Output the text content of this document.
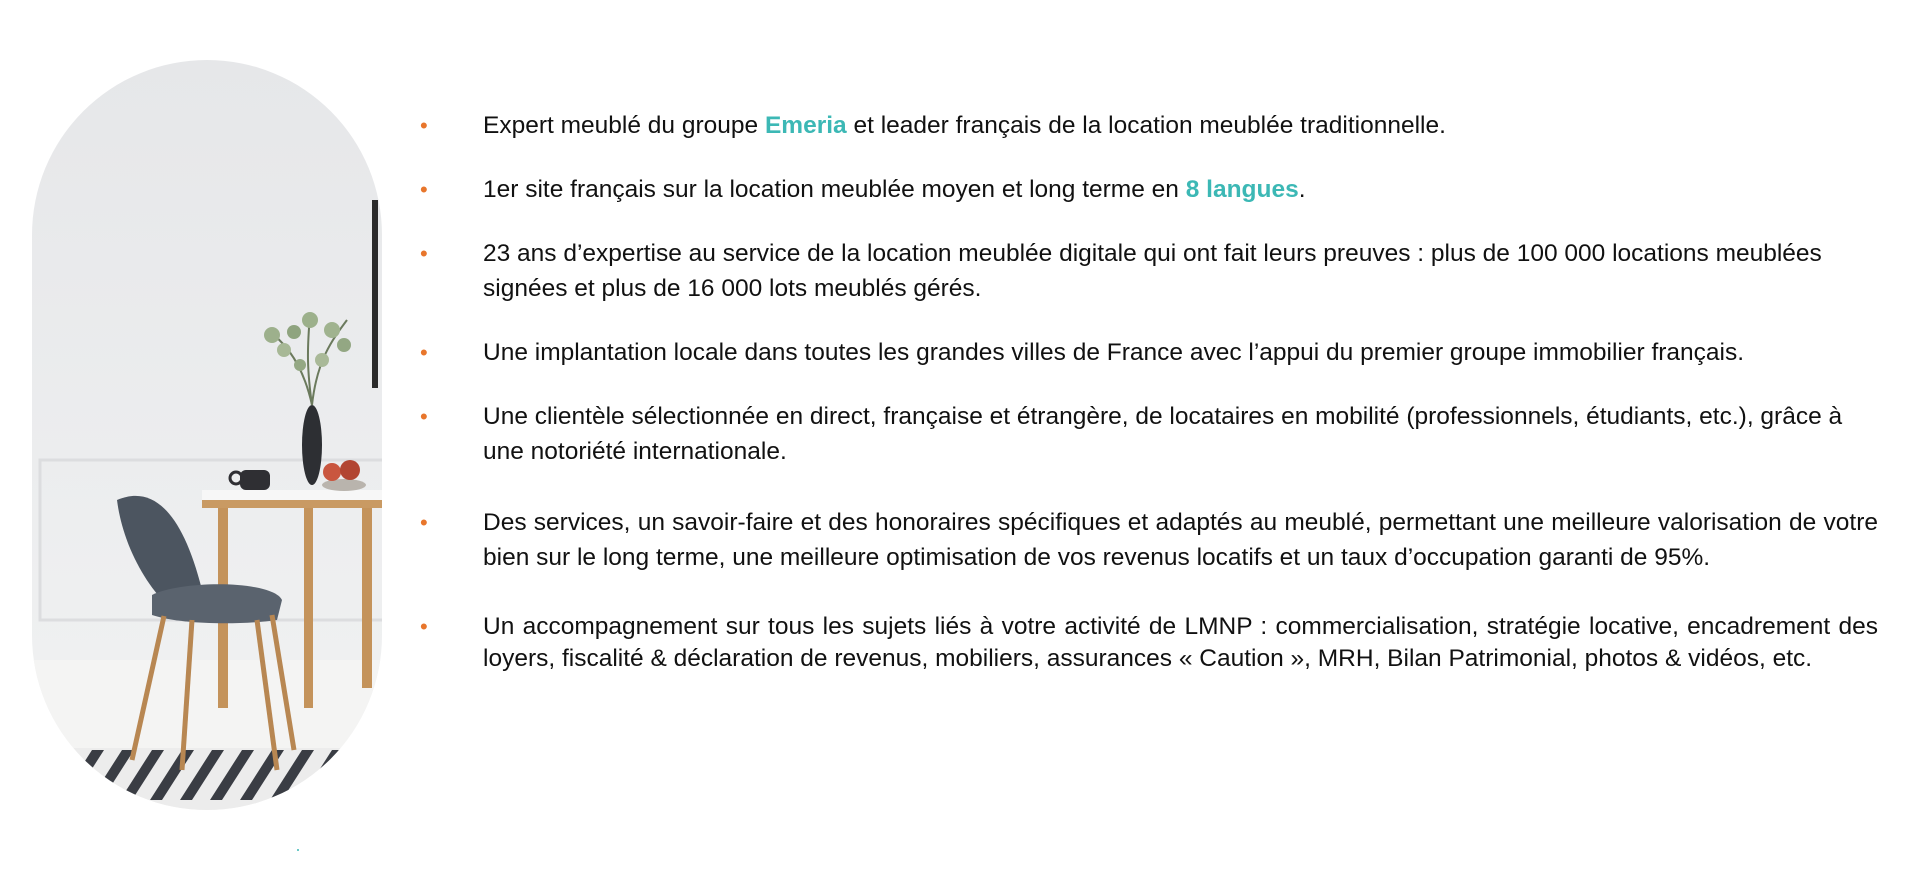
• Expert meublé du groupe Emeria et leader français de la location meublée traditionnelle.
• 1er site français sur la location meublée moyen et long terme en 8 langues.
• 23 ans d’expertise au service de la location meublée digitale qui ont fait leurs preuves : plus de 100 000 locations meublées signées et plus de 16 000 lots meublés gérés.
• Une implantation locale dans toutes les grandes villes de France avec l’appui du premier groupe immobilier français.
• Une clientèle sélectionnée en direct, française et étrangère, de locataires en mobilité (professionnels, étudiants, etc.), grâce à une notoriété internationale.
• Des services, un savoir-faire et des honoraires spécifiques et adaptés au meublé, permettant une meilleure valorisation de votre bien sur le long terme, une meilleure optimisation de vos revenus locatifs et un taux d’occupation garanti de 95%.
• Un accompagnement sur tous les sujets liés à votre activité de LMNP : commercialisation, stratégie locative, encadrement des loyers, fiscalité & déclaration de revenus, mobiliers, assurances « Caution », MRH, Bilan Patrimonial, photos & vidéos, etc.
